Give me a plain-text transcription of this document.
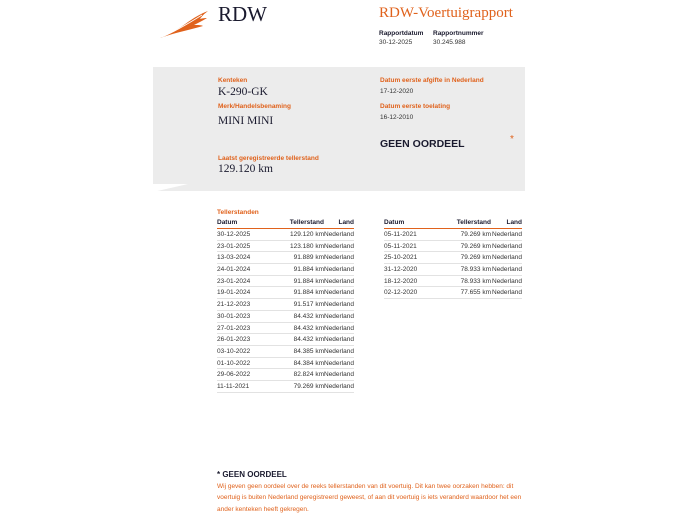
RDW	RDW-Voertuigrapport
Rapportdatum
30-12-2025
Rapportnummer
30.245.988
Kenteken
K-290-GK
Merk/Handelsbenaming
MINI MINI
Laatst geregistreerde tellerstand
129.120 km
Datum eerste afgifte in Nederland
17-12-2020
Datum eerste toelating
16-12-2010
GEEN OORDEEL	*
Tellerstanden
Datum	Tellerstand	Land
30-12-2025	129.120 km Nederland
23-01-2025	123.180 km Nederland
13-03-2024	91.889 km Nederland
24-01-2024	91.884 km Nederland
23-01-2024	91.884 km Nederland
19-01-2024	91.884 km Nederland
21-12-2023	91.517 km Nederland
30-01-2023	84.432 km Nederland
27-01-2023	84.432 km Nederland
26-01-2023	84.432 km Nederland
03-10-2022	84.385 km Nederland
01-10-2022	84.384 km Nederland
29-06-2022	82.824 km Nederland
11-11-2021	79.269 km Nederland
Datum	Tellerstand	Land
05-11-2021	79.269 km Nederland
05-11-2021	79.269 km Nederland
25-10-2021	79.269 km Nederland
31-12-2020	78.933 km Nederland
18-12-2020	78.933 km Nederland
02-12-2020	77.655 km Nederland
* GEEN OORDEEL
Wij geven geen oordeel over de reeks tellerstanden van dit voertuig. Dit kan twee oorzaken hebben: dit voertuig is buiten Nederland geregistreerd geweest, of aan dit voertuig is iets veranderd waardoor het een ander kenteken heeft gekregen.
